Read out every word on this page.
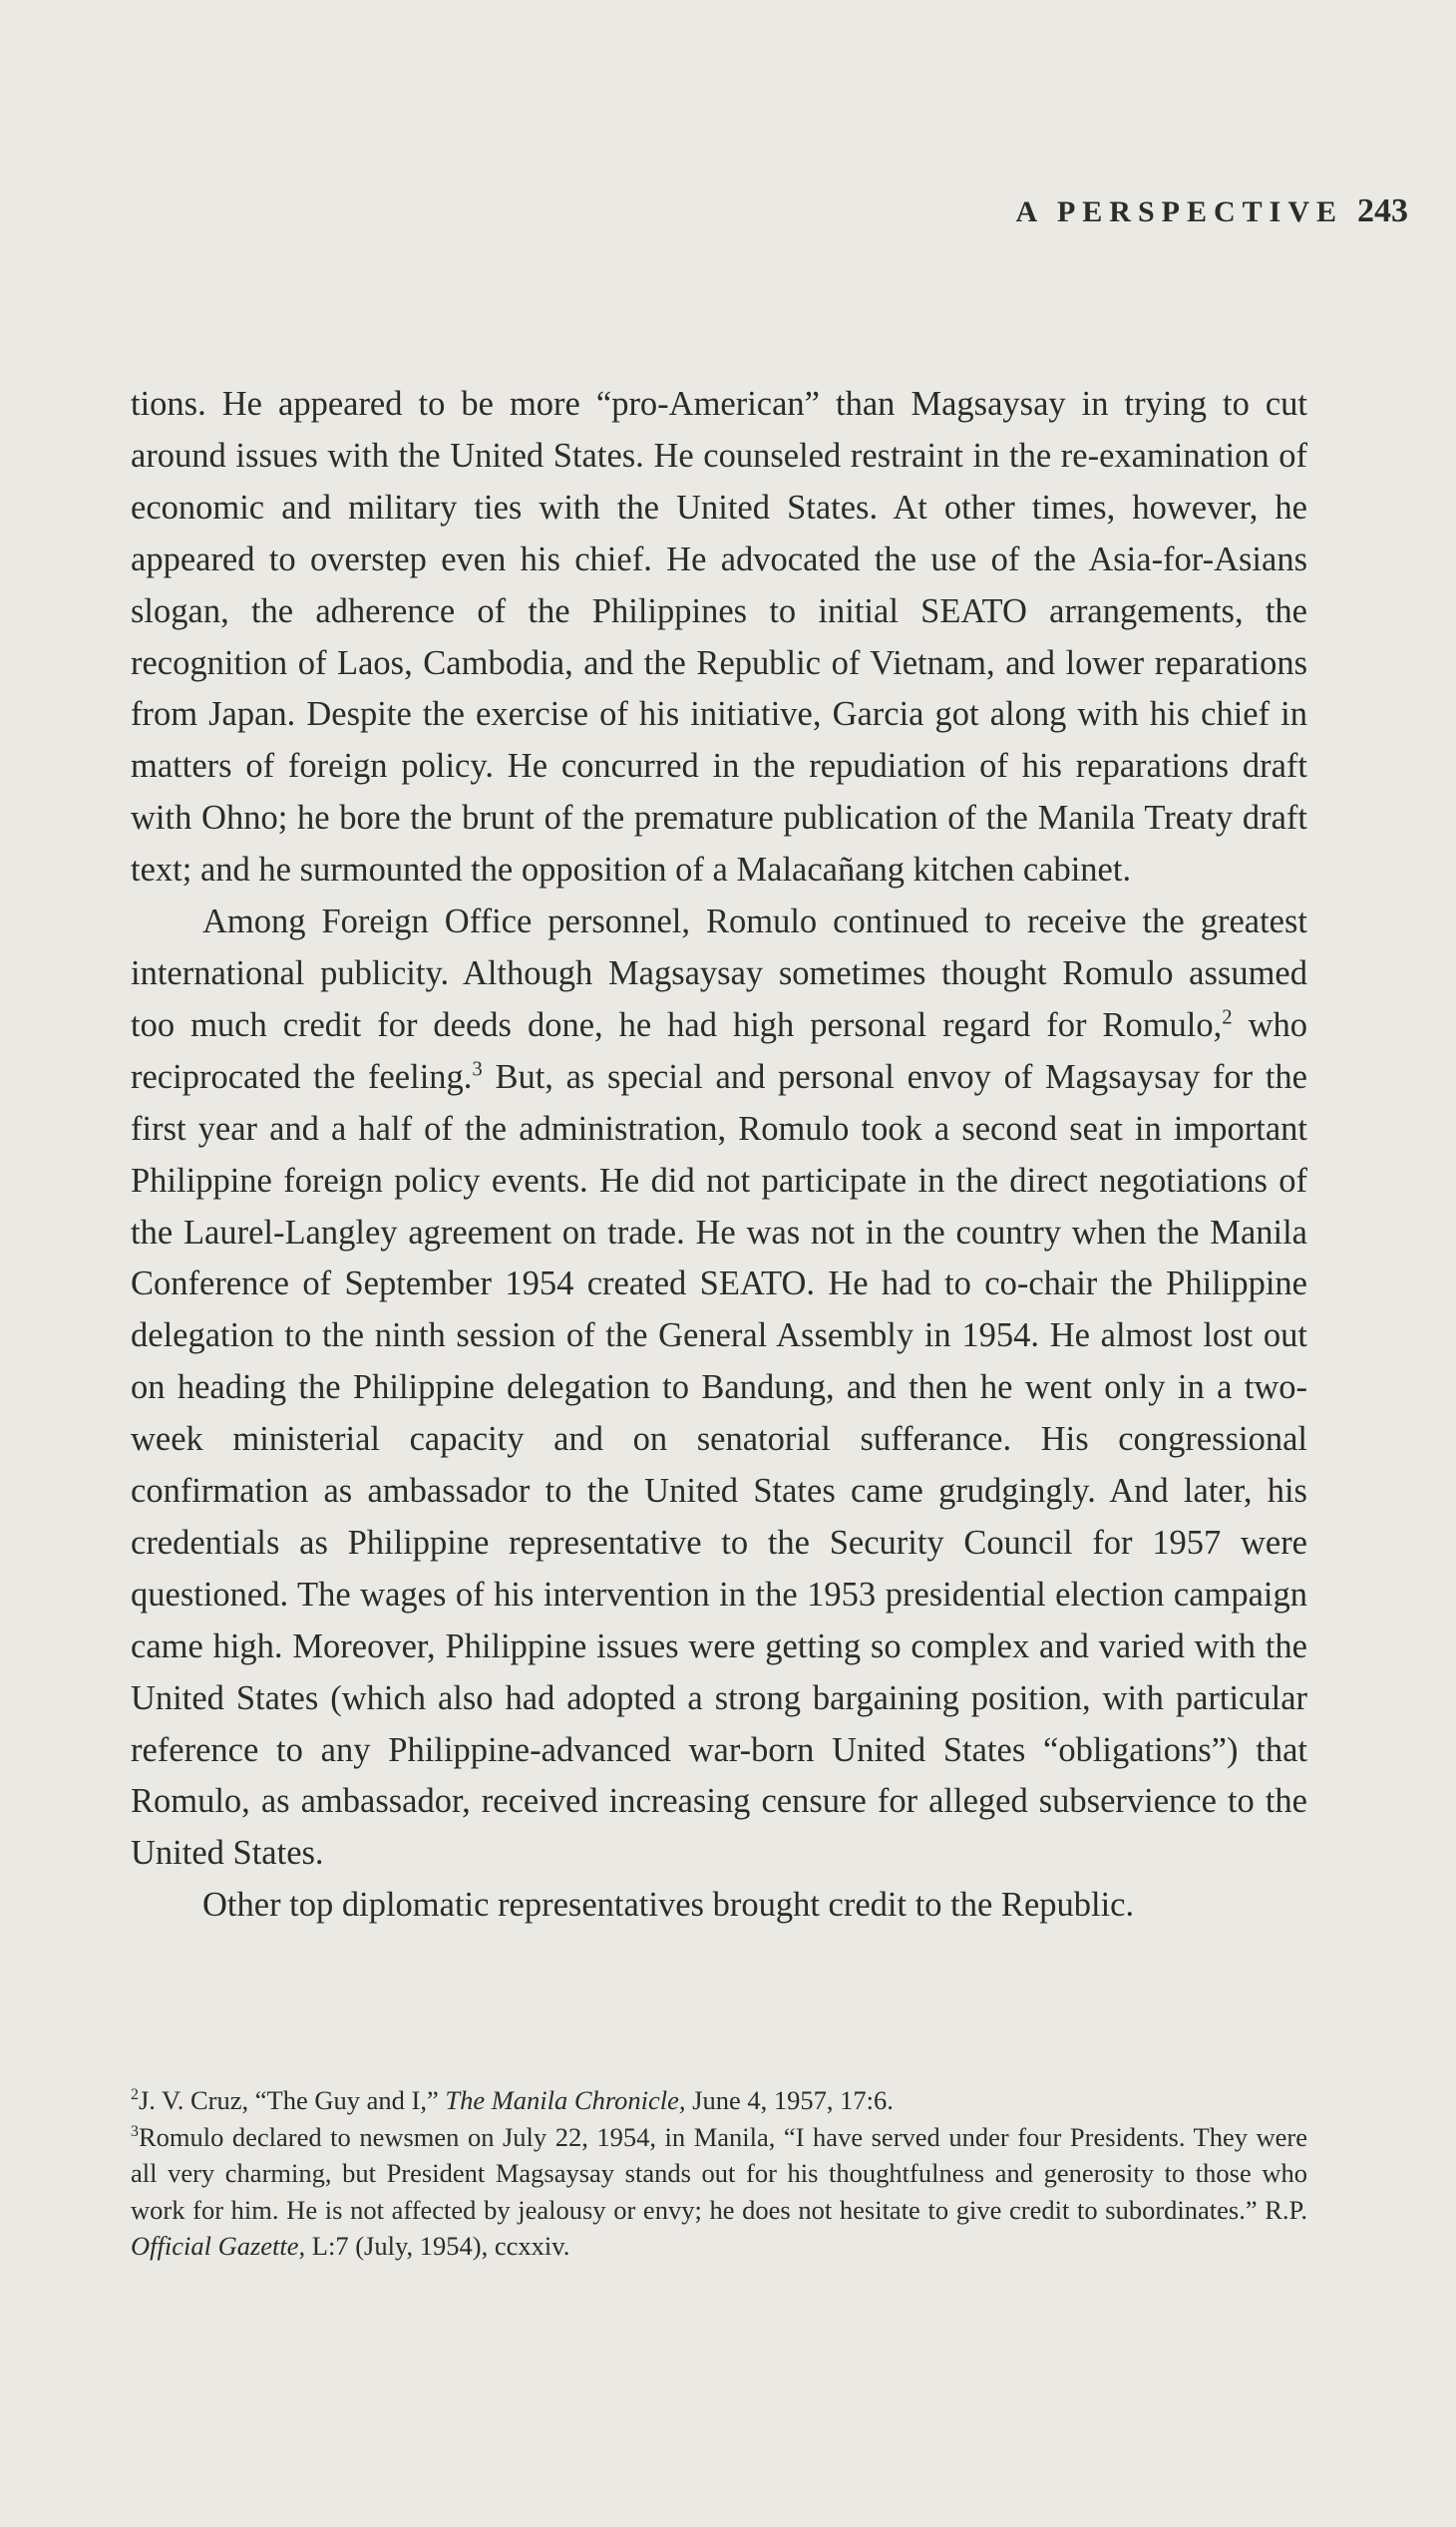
A PERSPECTIVE 243

tions. He appeared to be more “pro-American” than Magsaysay in trying to cut around issues with the United States. He counseled restraint in the re-examination of economic and military ties with the United States. At other times, however, he appeared to overstep even his chief. He advocated the use of the Asia-for-Asians slogan, the adherence of the Philippines to initial SEATO arrangements, the recognition of Laos, Cambodia, and the Republic of Vietnam, and lower reparations from Japan. Despite the exercise of his initiative, Garcia got along with his chief in matters of foreign policy. He concurred in the repudiation of his reparations draft with Ohno; he bore the brunt of the premature publication of the Manila Treaty draft text; and he surmounted the opposition of a Malacañang kitchen cabinet.

Among Foreign Office personnel, Romulo continued to receive the greatest international publicity. Although Magsaysay sometimes thought Romulo assumed too much credit for deeds done, he had high personal regard for Romulo,$^2$ who reciprocated the feeling.$^3$ But, as special and personal envoy of Magsaysay for the first year and a half of the administration, Romulo took a second seat in important Philippine foreign policy events. He did not participate in the direct negotiations of the Laurel-Langley agreement on trade. He was not in the country when the Manila Conference of September 1954 created SEATO. He had to co-chair the Philippine delegation to the ninth session of the General Assembly in 1954. He almost lost out on heading the Philippine delegation to Bandung, and then he went only in a two-week ministerial capacity and on senatorial sufferance. His congressional confirmation as ambassador to the United States came grudgingly. And later, his credentials as Philippine representative to the Security Council for 1957 were questioned. The wages of his intervention in the 1953 presidential election campaign came high. Moreover, Philippine issues were getting so complex and varied with the United States (which also had adopted a strong bargaining position, with particular reference to any Philippine-advanced war-born United States “obligations”) that Romulo, as ambassador, received increasing censure for alleged subservience to the United States.

Other top diplomatic representatives brought credit to the Republic.

$^2$J. V. Cruz, “The Guy and I,” The Manila Chronicle, June 4, 1957, 17:6.

$^3$Romulo declared to newsmen on July 22, 1954, in Manila, “I have served under four Presidents. They were all very charming, but President Magsaysay stands out for his thoughtfulness and generosity to those who work for him. He is not affected by jealousy or envy; he does not hesitate to give credit to subordinates.” R.P. Official Gazette, L:7 (July, 1954), ccxxiv.
